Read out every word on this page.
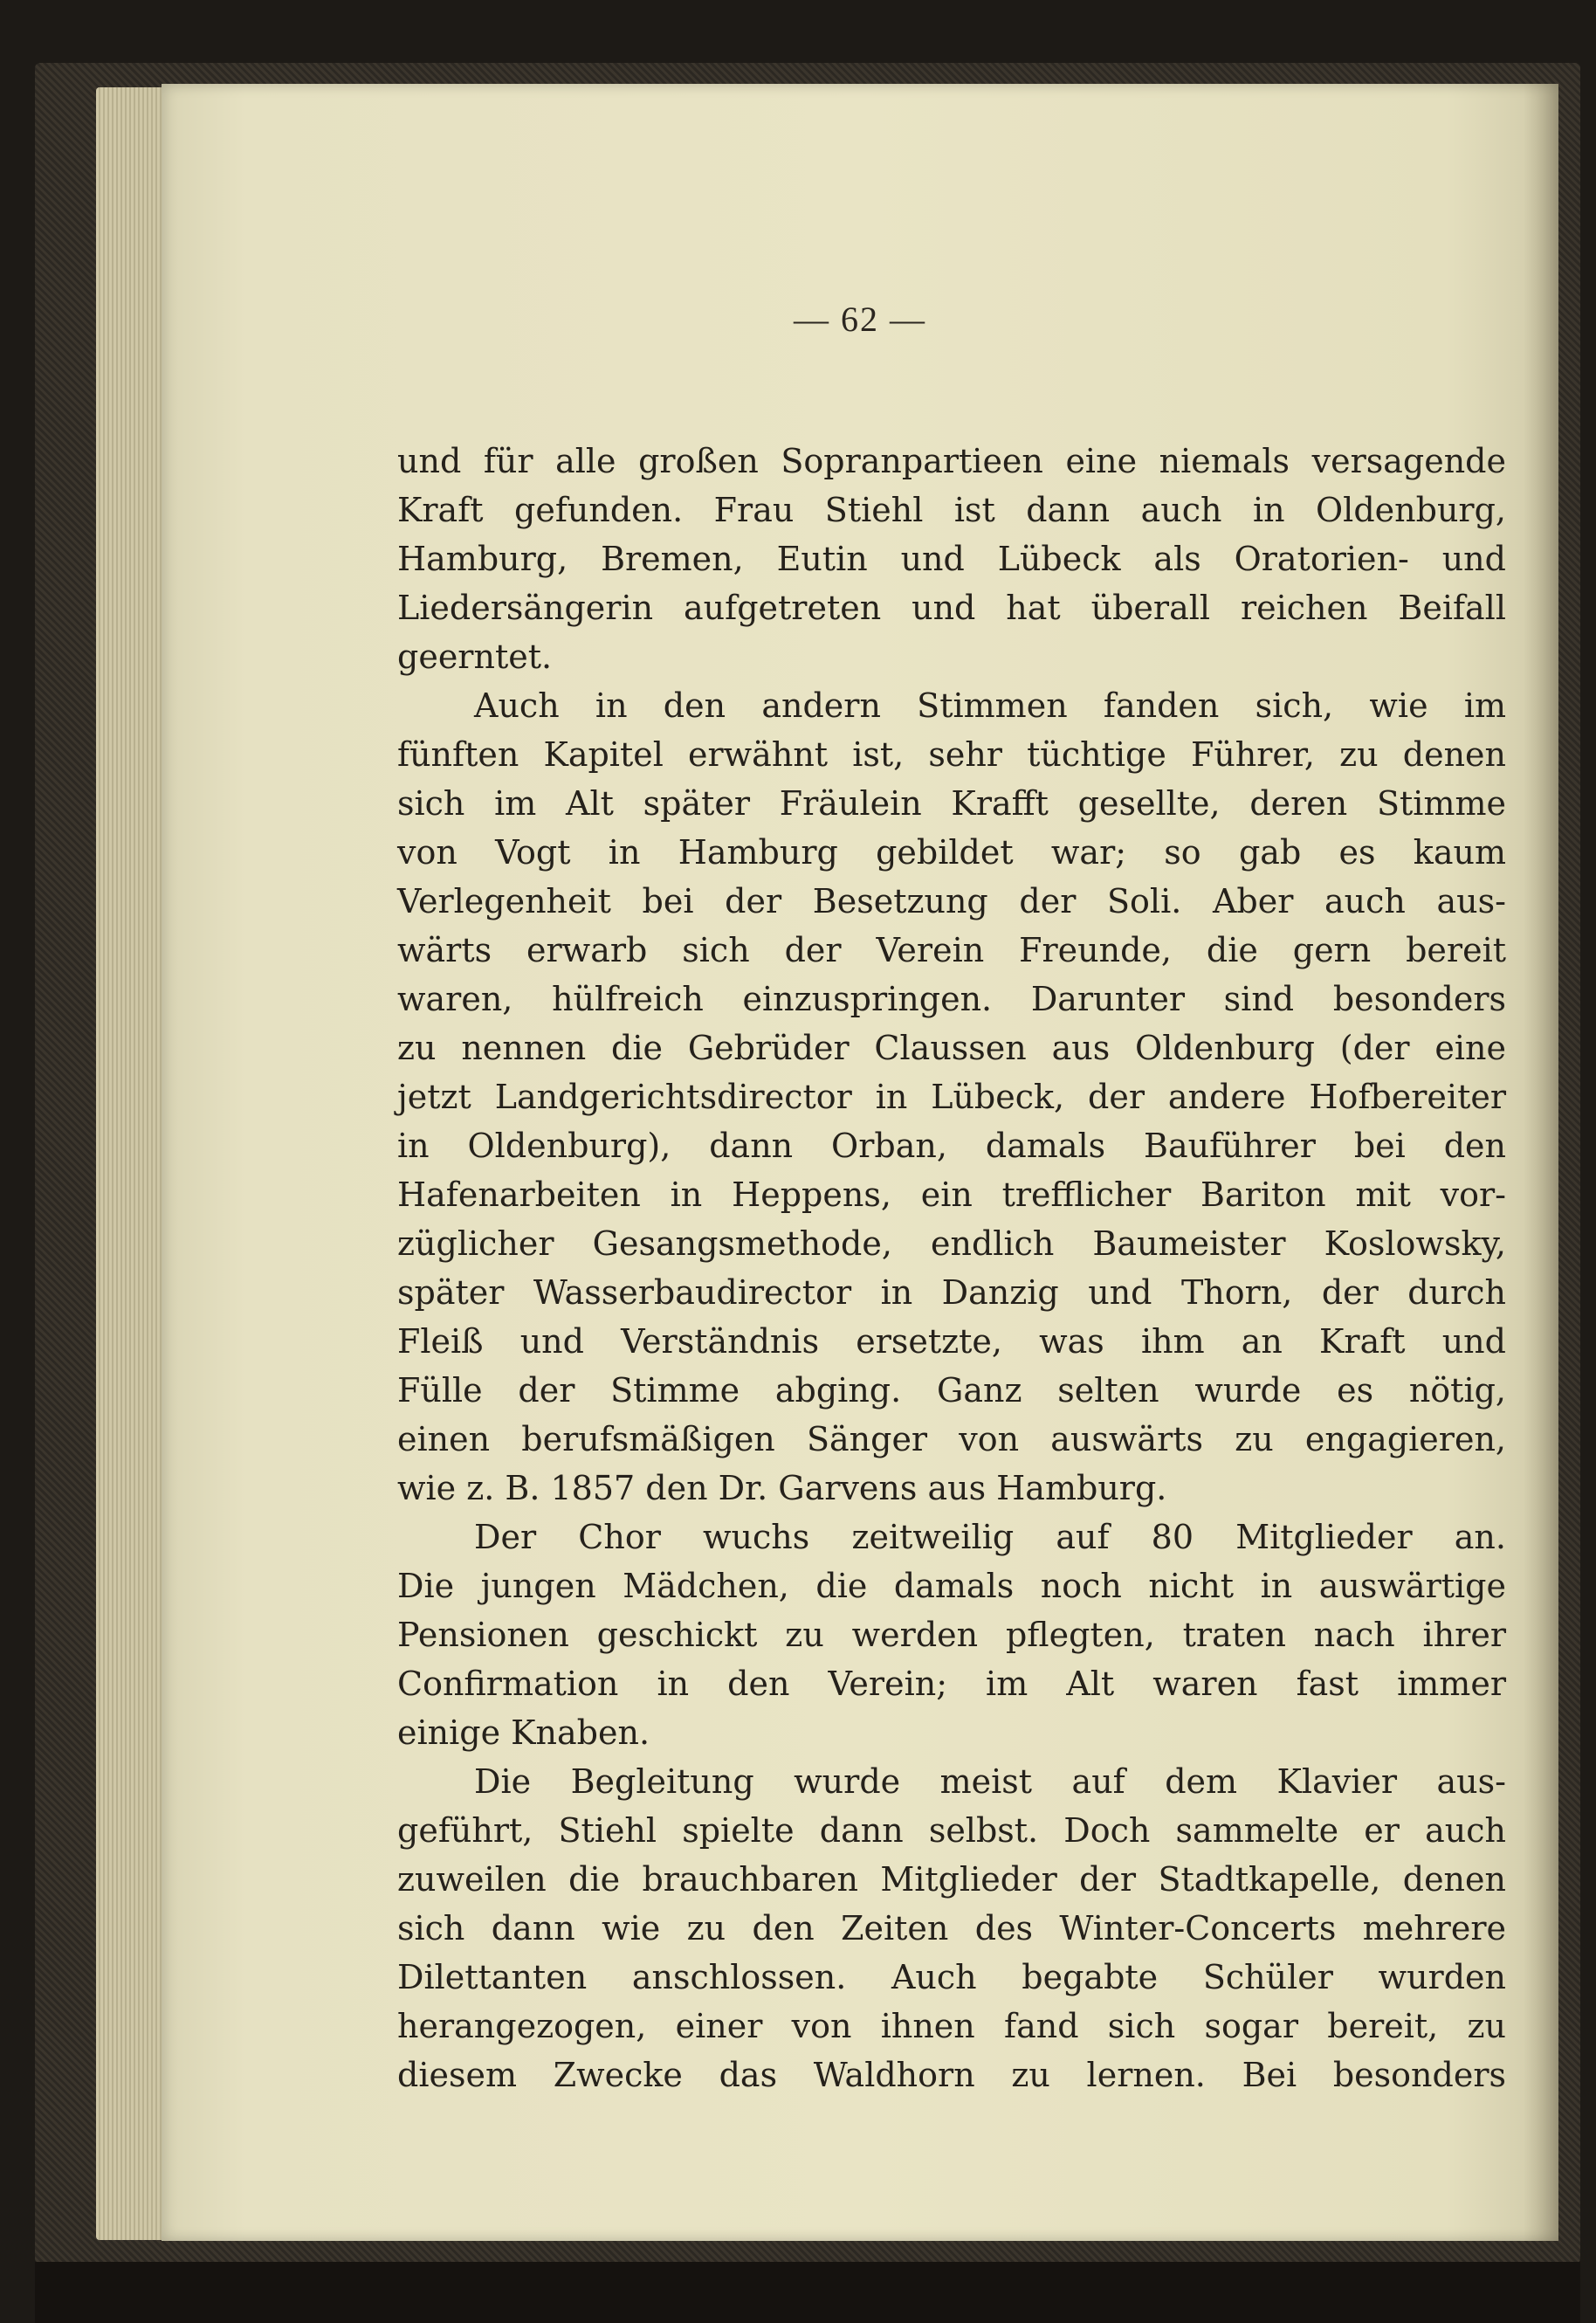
— 62 —
und für alle großen Sopranpartieen eine niemals versagende
Kraft gefunden. Frau Stiehl ist dann auch in Oldenburg,
Hamburg, Bremen, Eutin und Lübeck als Oratorien- und
Liedersängerin aufgetreten und hat überall reichen Beifall
geerntet.
Auch in den andern Stimmen fanden sich, wie im
fünften Kapitel erwähnt ist, sehr tüchtige Führer, zu denen
sich im Alt später Fräulein Krafft gesellte, deren Stimme
von Vogt in Hamburg gebildet war; so gab es kaum
Verlegenheit bei der Besetzung der Soli. Aber auch aus-
wärts erwarb sich der Verein Freunde, die gern bereit
waren, hülfreich einzuspringen. Darunter sind besonders
zu nennen die Gebrüder Claussen aus Oldenburg (der eine
jetzt Landgerichtsdirector in Lübeck, der andere Hofbereiter
in Oldenburg), dann Orban, damals Bauführer bei den
Hafenarbeiten in Heppens, ein trefflicher Bariton mit vor-
züglicher Gesangsmethode, endlich Baumeister Koslowsky,
später Wasserbaudirector in Danzig und Thorn, der durch
Fleiß und Verständnis ersetzte, was ihm an Kraft und
Fülle der Stimme abging. Ganz selten wurde es nötig,
einen berufsmäßigen Sänger von auswärts zu engagieren,
wie z. B. 1857 den Dr. Garvens aus Hamburg.
Der Chor wuchs zeitweilig auf 80 Mitglieder an.
Die jungen Mädchen, die damals noch nicht in auswärtige
Pensionen geschickt zu werden pflegten, traten nach ihrer
Confirmation in den Verein; im Alt waren fast immer
einige Knaben.
Die Begleitung wurde meist auf dem Klavier aus-
geführt, Stiehl spielte dann selbst. Doch sammelte er auch
zuweilen die brauchbaren Mitglieder der Stadtkapelle, denen
sich dann wie zu den Zeiten des Winter-Concerts mehrere
Dilettanten anschlossen. Auch begabte Schüler wurden
herangezogen, einer von ihnen fand sich sogar bereit, zu
diesem Zwecke das Waldhorn zu lernen. Bei besonders
